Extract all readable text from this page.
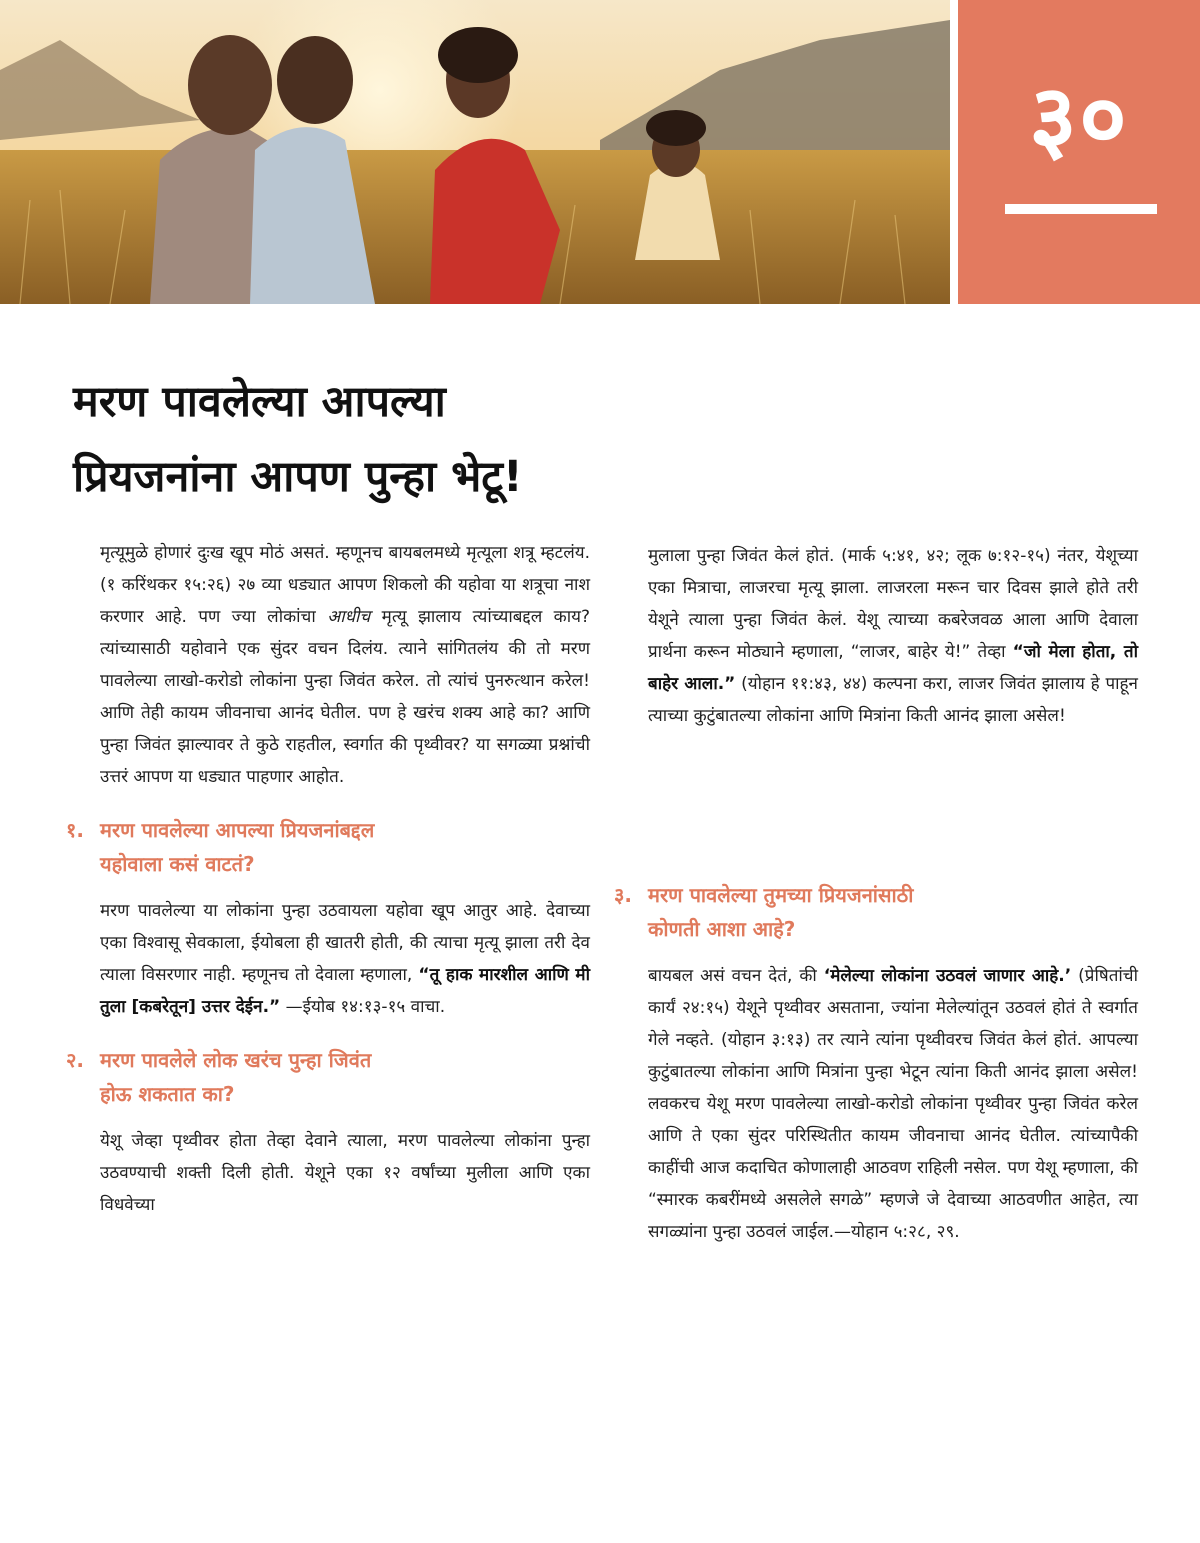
३०
मरण पावलेल्या आपल्या
प्रियजनांना आपण पुन्हा भेटू!

मृत्यूमुळे होणारं दुःख खूप मोठं असतं. म्हणूनच बायबलमध्ये मृत्यूला शत्रू म्हटलंय. (१ करिंथकर १५:२६) २७ व्या धड्यात आपण शिकलो की यहोवा या शत्रूचा नाश करणार आहे. पण ज्या लोकांचा आधीच मृत्यू झालाय त्यांच्याबद्दल काय? त्यांच्यासाठी यहोवाने एक सुंदर वचन दिलंय. त्याने सांगितलंय की तो मरण पावलेल्या लाखो-करोडो लोकांना पुन्हा जिवंत करेल. तो त्यांचं पुनरुत्थान करेल! आणि तेही कायम जीवनाचा आनंद घेतील. पण हे खरंच शक्य आहे का? आणि पुन्हा जिवंत झाल्यावर ते कुठे राहतील, स्वर्गात की पृथ्वीवर? या सगळ्या प्रश्नांची उत्तरं आपण या धड्यात पाहणार आहोत.

१. मरण पावलेल्या आपल्या प्रियजनांबद्दल
यहोवाला कसं वाटतं?

मरण पावलेल्या या लोकांना पुन्हा उठवायला यहोवा खूप आतुर आहे. देवाच्या एका विश्वासू सेवकाला, ईयोबला ही खातरी होती, की त्याचा मृत्यू झाला तरी देव त्याला विसरणार नाही. म्हणूनच तो देवाला म्हणाला, “तू हाक मारशील आणि मी तुला [कबरेतून] उत्तर देईन.” —ईयोब १४:१३-१५ वाचा.

२. मरण पावलेले लोक खरंच पुन्हा जिवंत
होऊ शकतात का?

येशू जेव्हा पृथ्वीवर होता तेव्हा देवाने त्याला, मरण पावलेल्या लोकांना पुन्हा उठवण्याची शक्ती दिली होती. येशूने एका १२ वर्षांच्या मुलीला आणि एका विधवेच्या

मुलाला पुन्हा जिवंत केलं होतं. (मार्क ५:४१, ४२; लूक ७:१२-१५) नंतर, येशूच्या एका मित्राचा, लाजरचा मृत्यू झाला. लाजरला मरून चार दिवस झाले होते तरी येशूने त्याला पुन्हा जिवंत केलं. येशू त्याच्या कबरेजवळ आला आणि देवाला प्रार्थना करून मोठ्याने म्हणाला, “लाजर, बाहेर ये!” तेव्हा “जो मेला होता, तो बाहेर आला.” (योहान ११:४३, ४४) कल्पना करा, लाजर जिवंत झालाय हे पाहून त्याच्या कुटुंबातल्या लोकांना आणि मित्रांना किती आनंद झाला असेल!

३. मरण पावलेल्या तुमच्या प्रियजनांसाठी
कोणती आशा आहे?

बायबल असं वचन देतं, की ‘मेलेल्या लोकांना उठवलं जाणार आहे.’ (प्रेषितांची कार्यं २४:१५) येशूने पृथ्वीवर असताना, ज्यांना मेलेल्यांतून उठवलं होतं ते स्वर्गात गेले नव्हते. (योहान ३:१३) तर त्याने त्यांना पृथ्वीवरच जिवंत केलं होतं. आपल्या कुटुंबातल्या लोकांना आणि मित्रांना पुन्हा भेटून त्यांना किती आनंद झाला असेल! लवकरच येशू मरण पावलेल्या लाखो-करोडो लोकांना पृथ्वीवर पुन्हा जिवंत करेल आणि ते एका सुंदर परिस्थितीत कायम जीवनाचा आनंद घेतील. त्यांच्यापैकी काहींची आज कदाचित कोणालाही आठवण राहिली नसेल. पण येशू म्हणाला, की “स्मारक कबरींमध्ये असलेले सगळे” म्हणजे जे देवाच्या आठवणीत आहेत, त्या सगळ्यांना पुन्हा उठवलं जाईल.—योहान ५:२८, २९.
